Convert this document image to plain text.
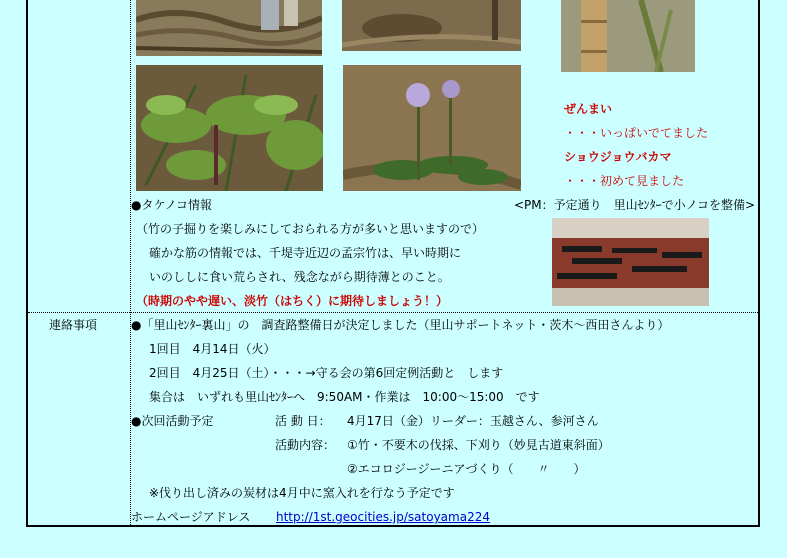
ぜんまい
・・・いっぱいでてました
ショウジョウバカマ
・・・初めて見ました
<PM：予定通り　里山ｾﾝﾀｰで小ノコを整備>
●タケノコ情報
（竹の子掘りを楽しみにしておられる方が多いと思いますので）
確かな筋の情報では、千堤寺近辺の孟宗竹は、早い時期に
いのししに食い荒らされ、残念ながら期待薄とのこと。
（時期のやや遅い、淡竹（はちく）に期待しましょう！）
連絡事項	●「里山ｾﾝﾀｰ裏山」の　調査路整備日が決定しました（里山サポートネット・茨木〜西田さんより）
1回目　4月14日（火）
2回目　4月25日（土）・・・→守る会の第6回定例活動と　します
集合は　いずれも里山ｾﾝﾀｰへ　9:50AM・作業は　10:00〜15:00　です
●次回活動予定	活 動 日： 4月17日（金）リーダー：玉越さん、参河さん
活動内容： ①竹・不要木の伐採、下刈り（妙見古道東斜面）
②エコロジージーニアづくり（　　〃　　）
※伐り出し済みの炭材は4月中に窯入れを行なう予定です
ホームページアドレス http://1st.geocities.jp/satoyama224
